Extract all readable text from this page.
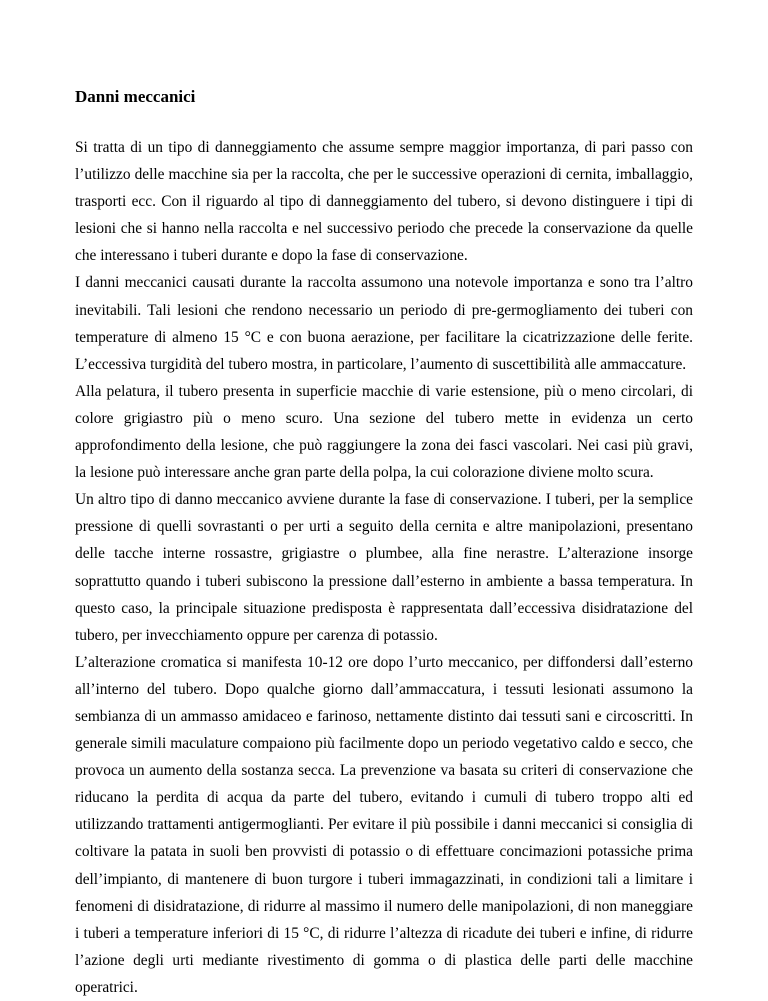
Danni meccanici

Si tratta di un tipo di danneggiamento che assume sempre maggior importanza, di pari passo con l’utilizzo delle macchine sia per la raccolta, che per le successive operazioni di cernita, imballaggio, trasporti ecc. Con il riguardo al tipo di danneggiamento del tubero, si devono distinguere i tipi di lesioni che si hanno nella raccolta e nel successivo periodo che precede la conservazione da quelle che interessano i tuberi durante e dopo la fase di conservazione.

I danni meccanici causati durante la raccolta assumono una notevole importanza e sono tra l’altro inevitabili. Tali lesioni che rendono necessario un periodo di pre-germogliamento dei tuberi con temperature di almeno 15 °C e con buona aerazione, per facilitare la cicatrizzazione delle ferite. L’eccessiva turgidità del tubero mostra, in particolare, l’aumento di suscettibilità alle ammaccature.

Alla pelatura, il tubero presenta in superficie macchie di varie estensione, più o meno circolari, di colore grigiastro più o meno scuro. Una sezione del tubero mette in evidenza un certo approfondimento della lesione, che può raggiungere la zona dei fasci vascolari. Nei casi più gravi, la lesione può interessare anche gran parte della polpa, la cui colorazione diviene molto scura.

Un altro tipo di danno meccanico avviene durante la fase di conservazione. I tuberi, per la semplice pressione di quelli sovrastanti o per urti a seguito della cernita e altre manipolazioni, presentano delle tacche interne rossastre, grigiastre o plumbee, alla fine nerastre. L’alterazione insorge soprattutto quando i tuberi subiscono la pressione dall’esterno in ambiente a bassa temperatura. In questo caso, la principale situazione predisposta è rappresentata dall’eccessiva disidratazione del tubero, per invecchiamento oppure per carenza di potassio.

L’alterazione cromatica si manifesta 10-12 ore dopo l’urto meccanico, per diffondersi dall’esterno all’interno del tubero. Dopo qualche giorno dall’ammaccatura, i tessuti lesionati assumono la sembianza di un ammasso amidaceo e farinoso, nettamente distinto dai tessuti sani e circoscritti. In generale simili maculature compaiono più facilmente dopo un periodo vegetativo caldo e secco, che provoca un aumento della sostanza secca. La prevenzione va basata su criteri di conservazione che riducano la perdita di acqua da parte del tubero, evitando i cumuli di tubero troppo alti ed utilizzando trattamenti antigermoglianti. Per evitare il più possibile i danni meccanici si consiglia di coltivare la patata in suoli ben provvisti di potassio o di effettuare concimazioni potassiche prima dell’impianto, di mantenere di buon turgore i tuberi immagazzinati, in condizioni tali a limitare i fenomeni di disidratazione, di ridurre al massimo il numero delle manipolazioni, di non maneggiare i tuberi a temperature inferiori di 15 °C, di ridurre l’altezza di ricadute dei tuberi e infine, di ridurre l’azione degli urti mediante rivestimento di gomma o di plastica delle parti delle macchine operatrici.
